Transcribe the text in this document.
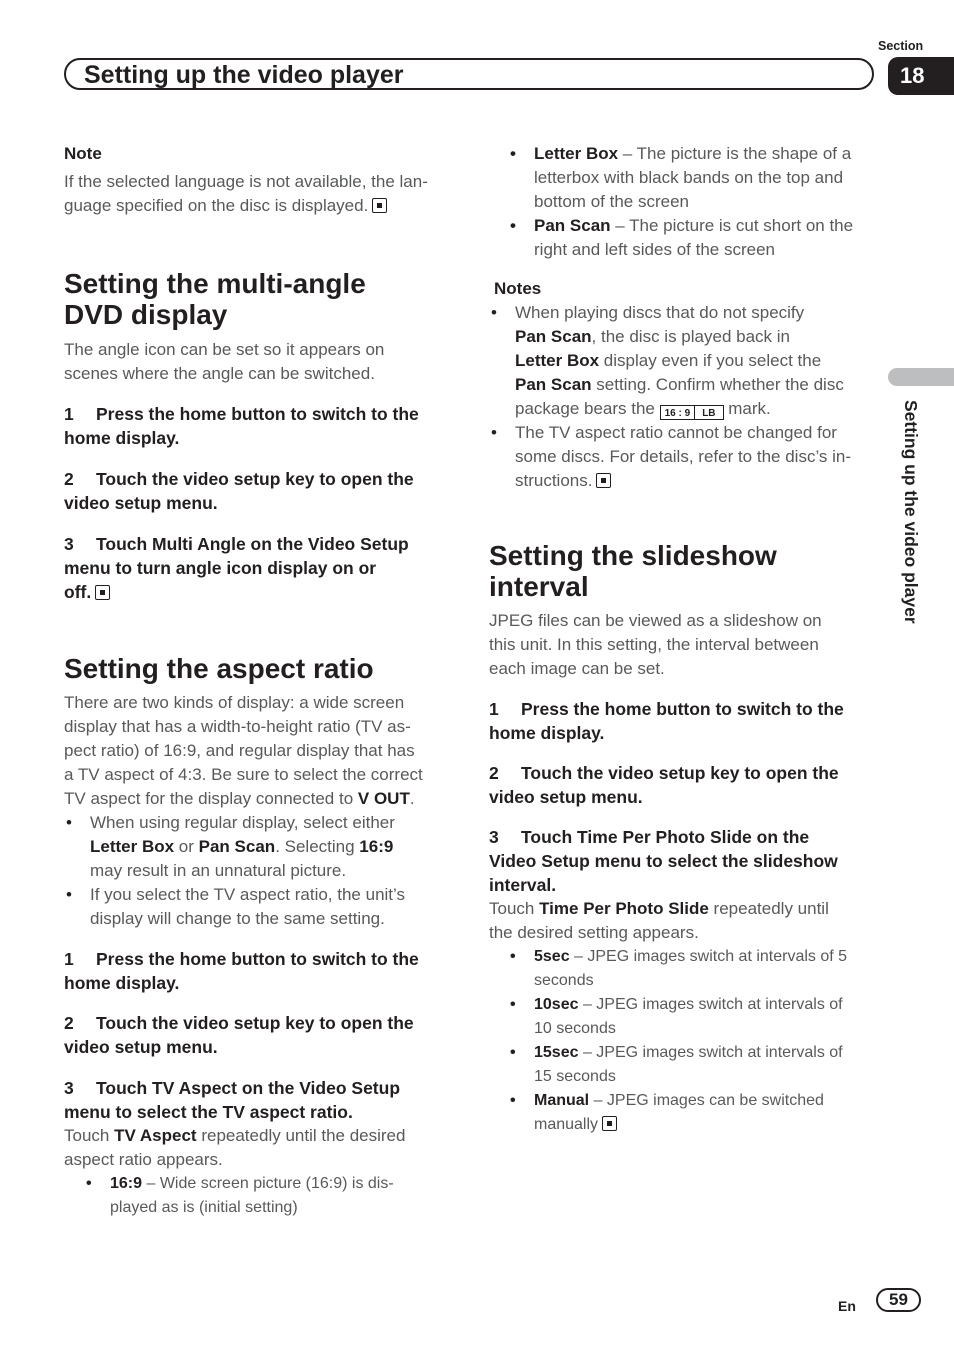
Section
Setting up the video player	18
Setting up the video player

Note

If the selected language is not available, the lan-

guage specified on the disc is displayed.

Setting the multi-angle

DVD display

The angle icon can be set so it appears on

scenes where the angle can be switched.

1 Press the home button to switch to the

home display.

2 Touch the video setup key to open the

video setup menu.

3 Touch Multi Angle on the Video Setup

menu to turn angle icon display on or

off.

Setting the aspect ratio

There are two kinds of display: a wide screen

display that has a width-to-height ratio (TV as-

pect ratio) of 16:9, and regular display that has

a TV aspect of 4:3. Be sure to select the correct

TV aspect for the display connected to V OUT.

• When using regular display, select either

Letter Box or Pan Scan. Selecting 16:9

may result in an unnatural picture.

• If you select the TV aspect ratio, the unit’s

display will change to the same setting.

1 Press the home button to switch to the

home display.

2 Touch the video setup key to open the

video setup menu.

3 Touch TV Aspect on the Video Setup

menu to select the TV aspect ratio.

Touch TV Aspect repeatedly until the desired

aspect ratio appears.

• 16:9 – Wide screen picture (16:9) is dis-

played as is (initial setting)

• Letter Box – The picture is the shape of a

letterbox with black bands on the top and

bottom of the screen

• Pan Scan – The picture is cut short on the

right and left sides of the screen

Notes

• When playing discs that do not specify

Pan Scan, the disc is played back in

Letter Box display even if you select the

Pan Scan setting. Confirm whether the disc

package bears the 16 : 9	LB mark.

• The TV aspect ratio cannot be changed for

some discs. For details, refer to the disc’s in-

structions.

Setting the slideshow interval

JPEG files can be viewed as a slideshow on

this unit. In this setting, the interval between

each image can be set.

1 Press the home button to switch to the

home display.

2 Touch the video setup key to open the

video setup menu.

3 Touch Time Per Photo Slide on the

Video Setup menu to select the slideshow

interval.

Touch Time Per Photo Slide repeatedly until

the desired setting appears.

• 5sec – JPEG images switch at intervals of 5

seconds

• 10sec – JPEG images switch at intervals of

10 seconds

• 15sec – JPEG images switch at intervals of

15 seconds

• Manual – JPEG images can be switched

manually

En	59
